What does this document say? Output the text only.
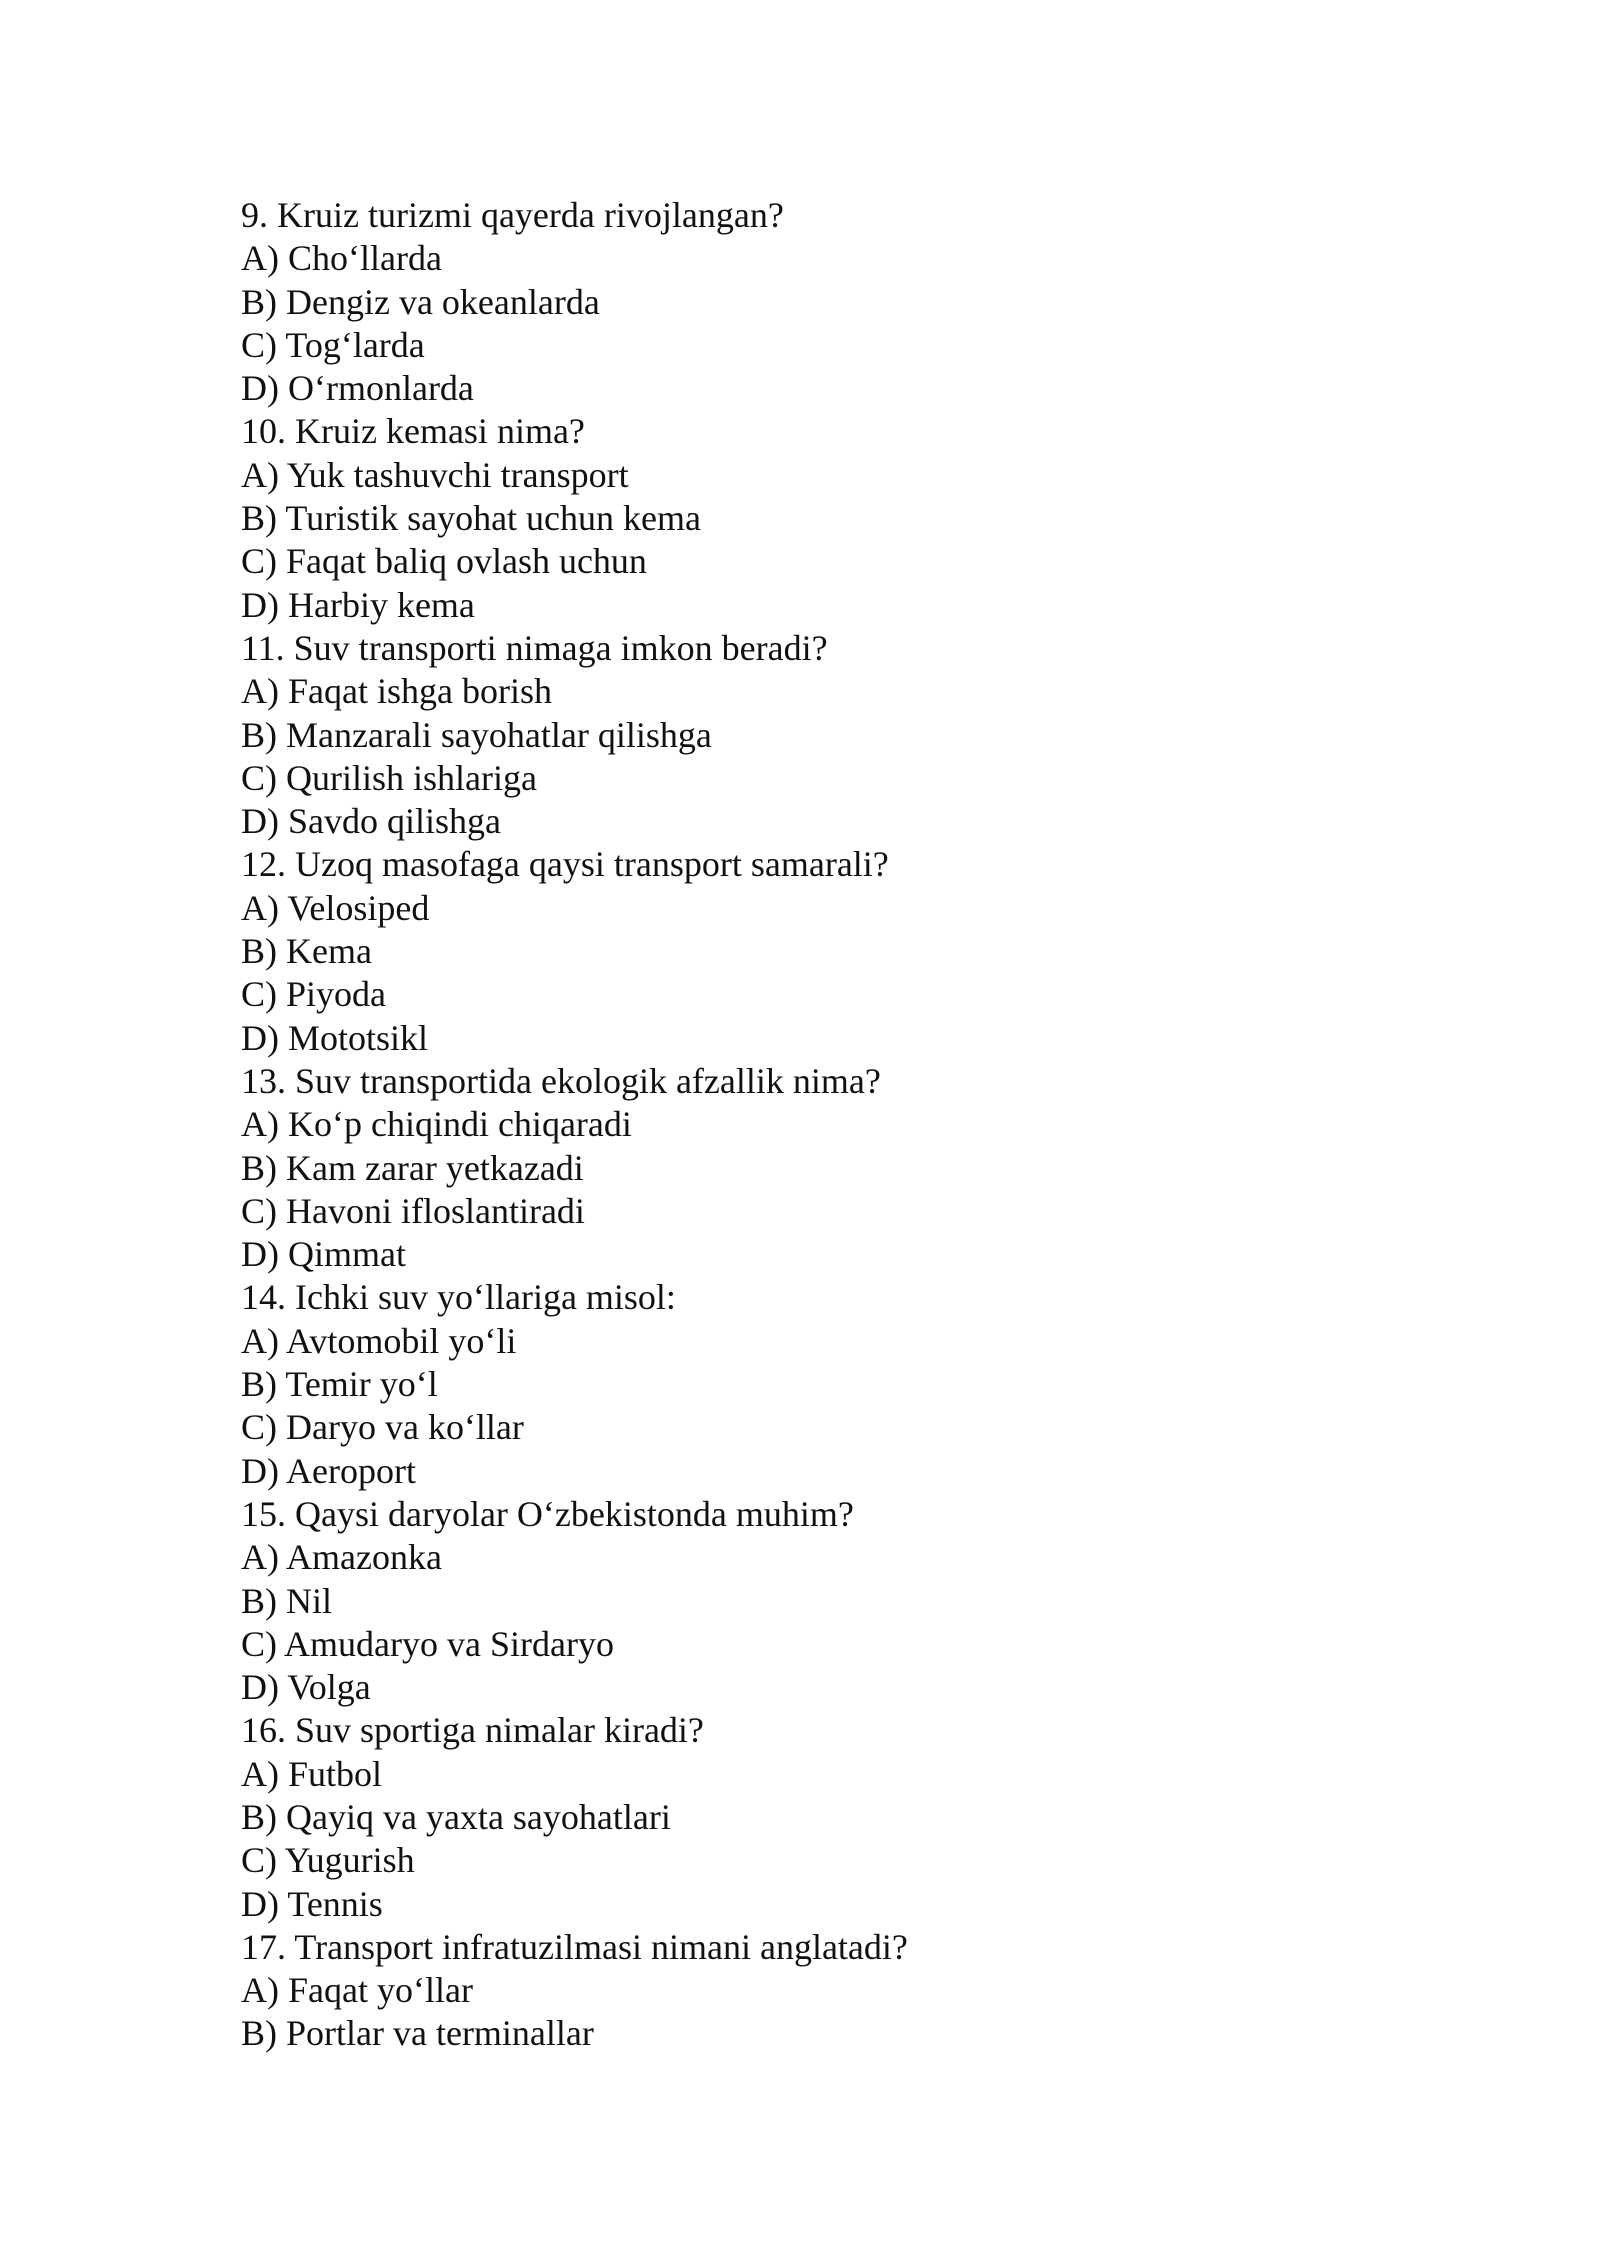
9. Kruiz turizmi qayerda rivojlangan?
A) Cho‘llarda
B) Dengiz va okeanlarda
C) Tog‘larda
D) O‘rmonlarda
10. Kruiz kemasi nima?
A) Yuk tashuvchi transport
B) Turistik sayohat uchun kema
C) Faqat baliq ovlash uchun
D) Harbiy kema
11. Suv transporti nimaga imkon beradi?
A) Faqat ishga borish
B) Manzarali sayohatlar qilishga
C) Qurilish ishlariga
D) Savdo qilishga
12. Uzoq masofaga qaysi transport samarali?
A) Velosiped
B) Kema
C) Piyoda
D) Mototsikl
13. Suv transportida ekologik afzallik nima?
A) Ko‘p chiqindi chiqaradi
B) Kam zarar yetkazadi
C) Havoni ifloslantiradi
D) Qimmat
14. Ichki suv yo‘llariga misol:
A) Avtomobil yo‘li
B) Temir yo‘l
C) Daryo va ko‘llar
D) Aeroport
15. Qaysi daryolar O‘zbekistonda muhim?
A) Amazonka
B) Nil
C) Amudaryo va Sirdaryo
D) Volga
16. Suv sportiga nimalar kiradi?
A) Futbol
B) Qayiq va yaxta sayohatlari
C) Yugurish
D) Tennis
17. Transport infratuzilmasi nimani anglatadi?
A) Faqat yo‘llar
B) Portlar va terminallar
